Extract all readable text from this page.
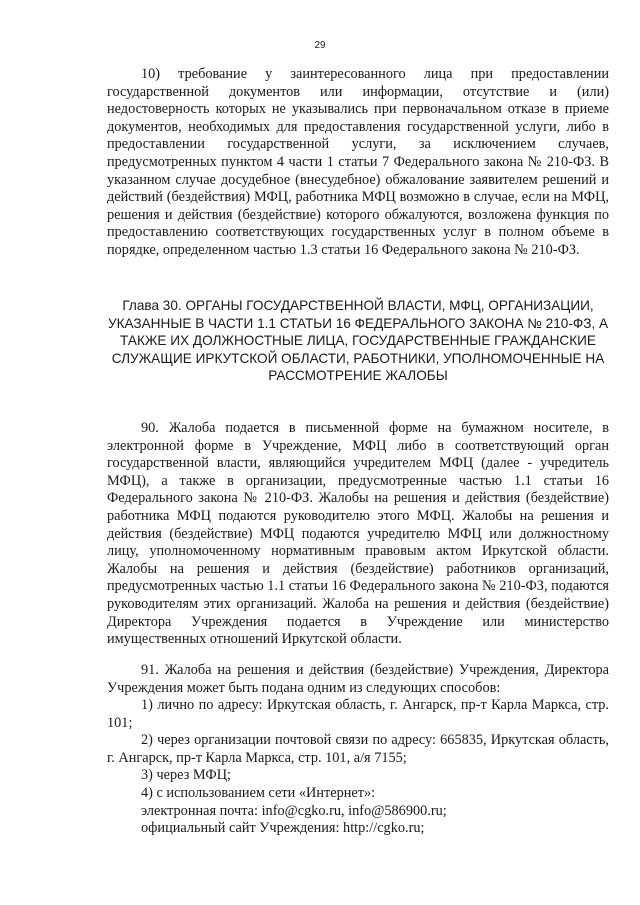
29

10) требование у заинтересованного лица при предоставлении государственной документов или информации, отсутствие и (или) недостоверность которых не указывались при первоначальном отказе в приеме документов, необходимых для предоставления государственной услуги, либо в предоставлении государственной услуги, за исключением случаев, предусмотренных пунктом 4 части 1 статьи 7 Федерального закона № 210-ФЗ. В указанном случае досудебное (внесудебное) обжалование заявителем решений и действий (бездействия) МФЦ, работника МФЦ возможно в случае, если на МФЦ, решения и действия (бездействие) которого обжалуются, возложена функция по предоставлению соответствующих государственных услуг в полном объеме в порядке, определенном частью 1.3 статьи 16 Федерального закона № 210-ФЗ.

Глава 30. ОРГАНЫ ГОСУДАРСТВЕННОЙ ВЛАСТИ, МФЦ, ОРГАНИЗАЦИИ, УКАЗАННЫЕ В ЧАСТИ 1.1 СТАТЬИ 16 ФЕДЕРАЛЬНОГО ЗАКОНА № 210-ФЗ, А ТАКЖЕ ИХ ДОЛЖНОСТНЫЕ ЛИЦА, ГОСУДАРСТВЕННЫЕ ГРАЖДАНСКИЕ СЛУЖАЩИЕ ИРКУТСКОЙ ОБЛАСТИ, РАБОТНИКИ, УПОЛНОМОЧЕННЫЕ НА РАССМОТРЕНИЕ ЖАЛОБЫ

90. Жалоба подается в письменной форме на бумажном носителе, в электронной форме в Учреждение, МФЦ либо в соответствующий орган государственной власти, являющийся учредителем МФЦ (далее - учредитель МФЦ), а также в организации, предусмотренные частью 1.1 статьи 16 Федерального закона № 210-ФЗ. Жалобы на решения и действия (бездействие) работника МФЦ подаются руководителю этого МФЦ. Жалобы на решения и действия (бездействие) МФЦ подаются учредителю МФЦ или должностному лицу, уполномоченному нормативным правовым актом Иркутской области. Жалобы на решения и действия (бездействие) работников организаций, предусмотренных частью 1.1 статьи 16 Федерального закона № 210-ФЗ, подаются руководителям этих организаций. Жалоба на решения и действия (бездействие) Директора Учреждения подается в Учреждение или министерство имущественных отношений Иркутской области.

91. Жалоба на решения и действия (бездействие) Учреждения, Директора Учреждения может быть подана одним из следующих способов:

1) лично по адресу: Иркутская область, г. Ангарск, пр-т Карла Маркса, стр. 101;
2) через организации почтовой связи по адресу: 665835, Иркутская область, г. Ангарск, пр-т Карла Маркса, стр. 101, а/я 7155;
3) через МФЦ;
4) с использованием сети «Интернет»:
электронная почта: info@cgko.ru, info@586900.ru;
официальный сайт Учреждения: http://cgko.ru;
